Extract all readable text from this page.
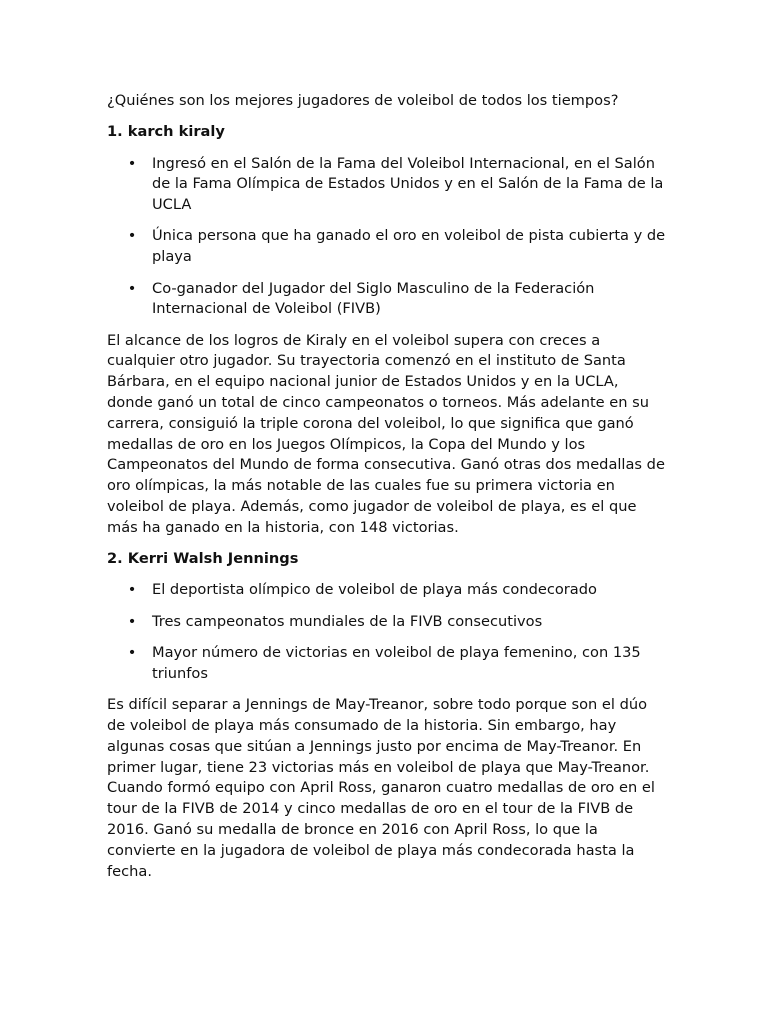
¿Quiénes son los mejores jugadores de voleibol de todos los tiempos?

1. karch kiraly

• Ingresó en el Salón de la Fama del Voleibol Internacional, en el Salón de la Fama Olímpica de Estados Unidos y en el Salón de la Fama de la UCLA
• Única persona que ha ganado el oro en voleibol de pista cubierta y de playa
• Co-ganador del Jugador del Siglo Masculino de la Federación Internacional de Voleibol (FIVB)

El alcance de los logros de Kiraly en el voleibol supera con creces a cualquier otro jugador. Su trayectoria comenzó en el instituto de Santa Bárbara, en el equipo nacional junior de Estados Unidos y en la UCLA, donde ganó un total de cinco campeonatos o torneos. Más adelante en su carrera, consiguió la triple corona del voleibol, lo que significa que ganó medallas de oro en los Juegos Olímpicos, la Copa del Mundo y los Campeonatos del Mundo de forma consecutiva. Ganó otras dos medallas de oro olímpicas, la más notable de las cuales fue su primera victoria en voleibol de playa. Además, como jugador de voleibol de playa, es el que más ha ganado en la historia, con 148 victorias.

2. Kerri Walsh Jennings

• El deportista olímpico de voleibol de playa más condecorado
• Tres campeonatos mundiales de la FIVB consecutivos
• Mayor número de victorias en voleibol de playa femenino, con 135 triunfos

Es difícil separar a Jennings de May-Treanor, sobre todo porque son el dúo de voleibol de playa más consumado de la historia. Sin embargo, hay algunas cosas que sitúan a Jennings justo por encima de May-Treanor. En primer lugar, tiene 23 victorias más en voleibol de playa que May-Treanor. Cuando formó equipo con April Ross, ganaron cuatro medallas de oro en el tour de la FIVB de 2014 y cinco medallas de oro en el tour de la FIVB de 2016. Ganó su medalla de bronce en 2016 con April Ross, lo que la convierte en la jugadora de voleibol de playa más condecorada hasta la fecha.
